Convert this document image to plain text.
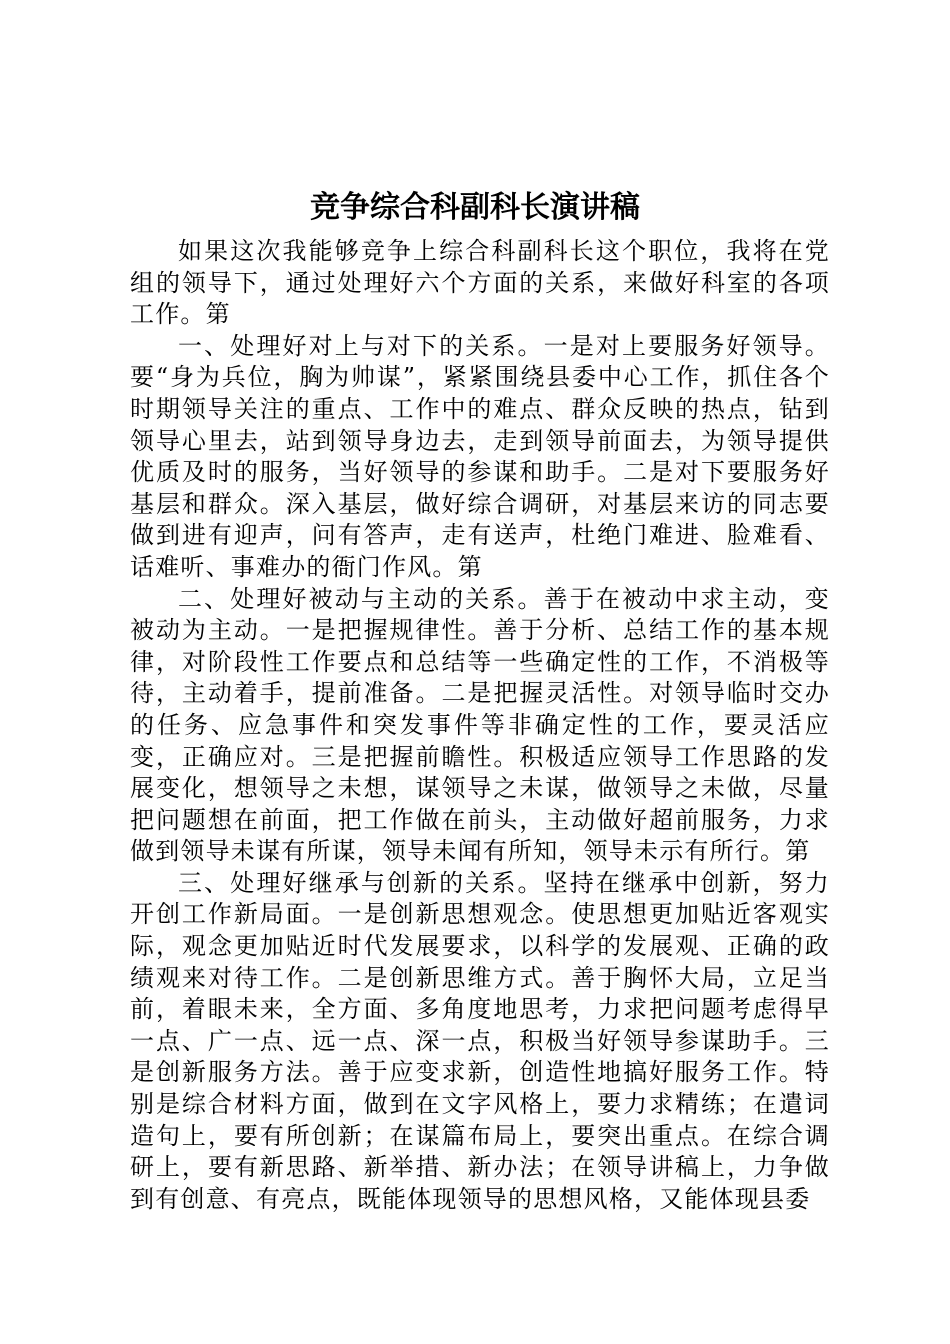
竞争综合科副科长演讲稿

如果这次我能够竞争上综合科副科长这个职位，我将在党组的领导下，通过处理好六个方面的关系，来做好科室的各项工作。第

一、处理好对上与对下的关系。一是对上要服务好领导。要“身为兵位，胸为帅谋”，紧紧围绕县委中心工作，抓住各个时期领导关注的重点、工作中的难点、群众反映的热点，钻到领导心里去，站到领导身边去，走到领导前面去，为领导提供优质及时的服务，当好领导的参谋和助手。二是对下要服务好基层和群众。深入基层，做好综合调研，对基层来访的同志要做到进有迎声，问有答声，走有送声，杜绝门难进、脸难看、话难听、事难办的衙门作风。第

二、处理好被动与主动的关系。善于在被动中求主动，变被动为主动。一是把握规律性。善于分析、总结工作的基本规律，对阶段性工作要点和总结等一些确定性的工作，不消极等待，主动着手，提前准备。二是把握灵活性。对领导临时交办的任务、应急事件和突发事件等非确定性的工作，要灵活应变，正确应对。三是把握前瞻性。积极适应领导工作思路的发展变化，想领导之未想，谋领导之未谋，做领导之未做，尽量把问题想在前面，把工作做在前头，主动做好超前服务，力求做到领导未谋有所谋，领导未闻有所知，领导未示有所行。第

三、处理好继承与创新的关系。坚持在继承中创新，努力开创工作新局面。一是创新思想观念。使思想更加贴近客观实际，观念更加贴近时代发展要求，以科学的发展观、正确的政绩观来对待工作。二是创新思维方式。善于胸怀大局，立足当前，着眼未来，全方面、多角度地思考，力求把问题考虑得早一点、广一点、远一点、深一点，积极当好领导参谋助手。三是创新服务方法。善于应变求新，创造性地搞好服务工作。特别是综合材料方面，做到在文字风格上，要力求精练；在遣词造句上，要有所创新；在谋篇布局上，要突出重点。在综合调研上，要有新思路、新举措、新办法；在领导讲稿上，力争做到有创意、有亮点，既能体现领导的思想风格，又能体现县委
